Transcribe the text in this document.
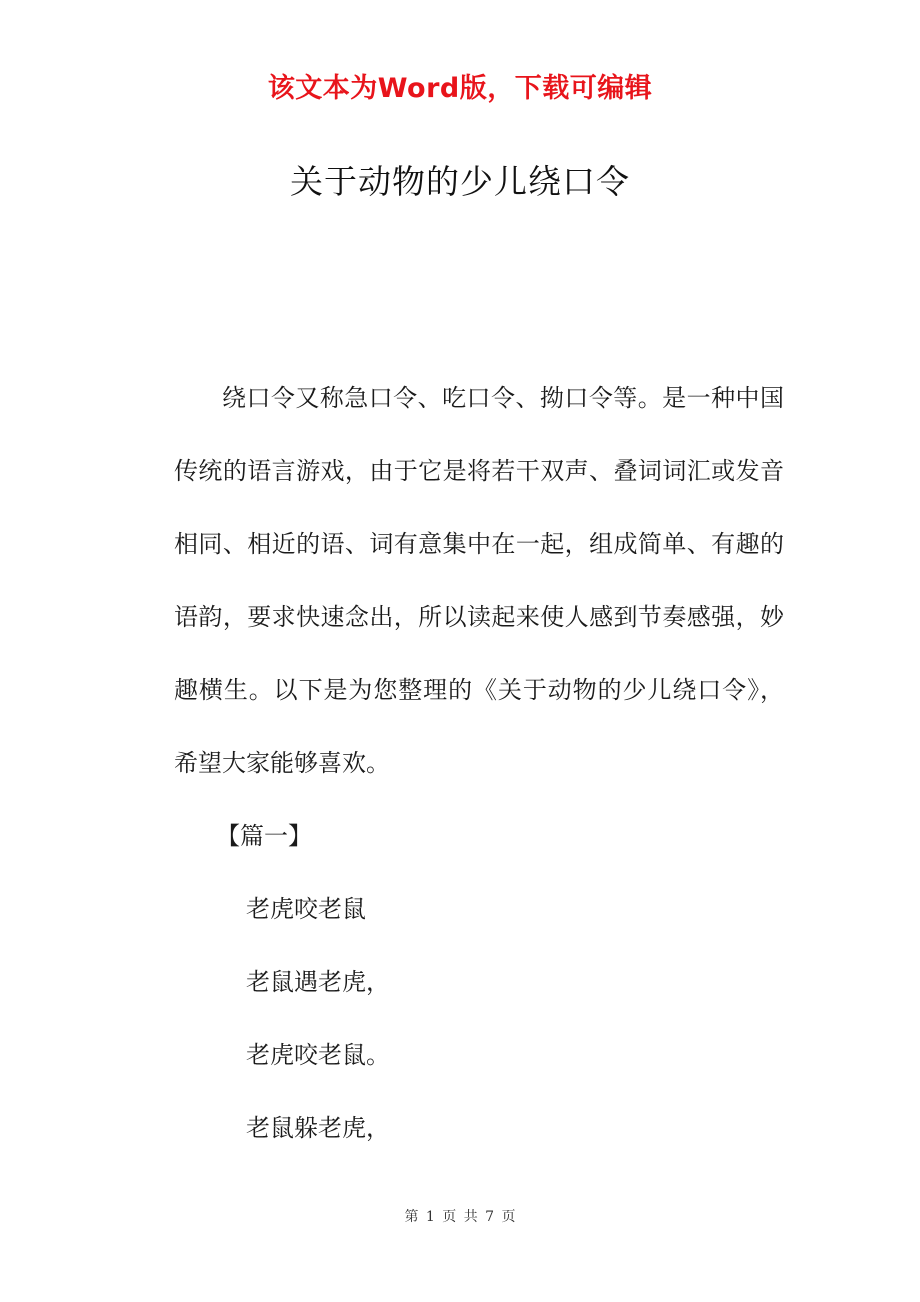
该文本为Word版，下载可编辑
关于动物的少儿绕口令

绕口令又称急口令、吃口令、拗口令等。是一种中国传统的语言游戏，由于它是将若干双声、叠词词汇或发音相同、相近的语、词有意集中在一起，组成简单、有趣的语韵，要求快速念出，所以读起来使人感到节奏感强，妙趣横生。以下是为您整理的《关于动物的少儿绕口令》，希望大家能够喜欢。

【篇一】

老虎咬老鼠

老鼠遇老虎，

老虎咬老鼠。

老鼠躲老虎，

第 1 页 共 7 页
